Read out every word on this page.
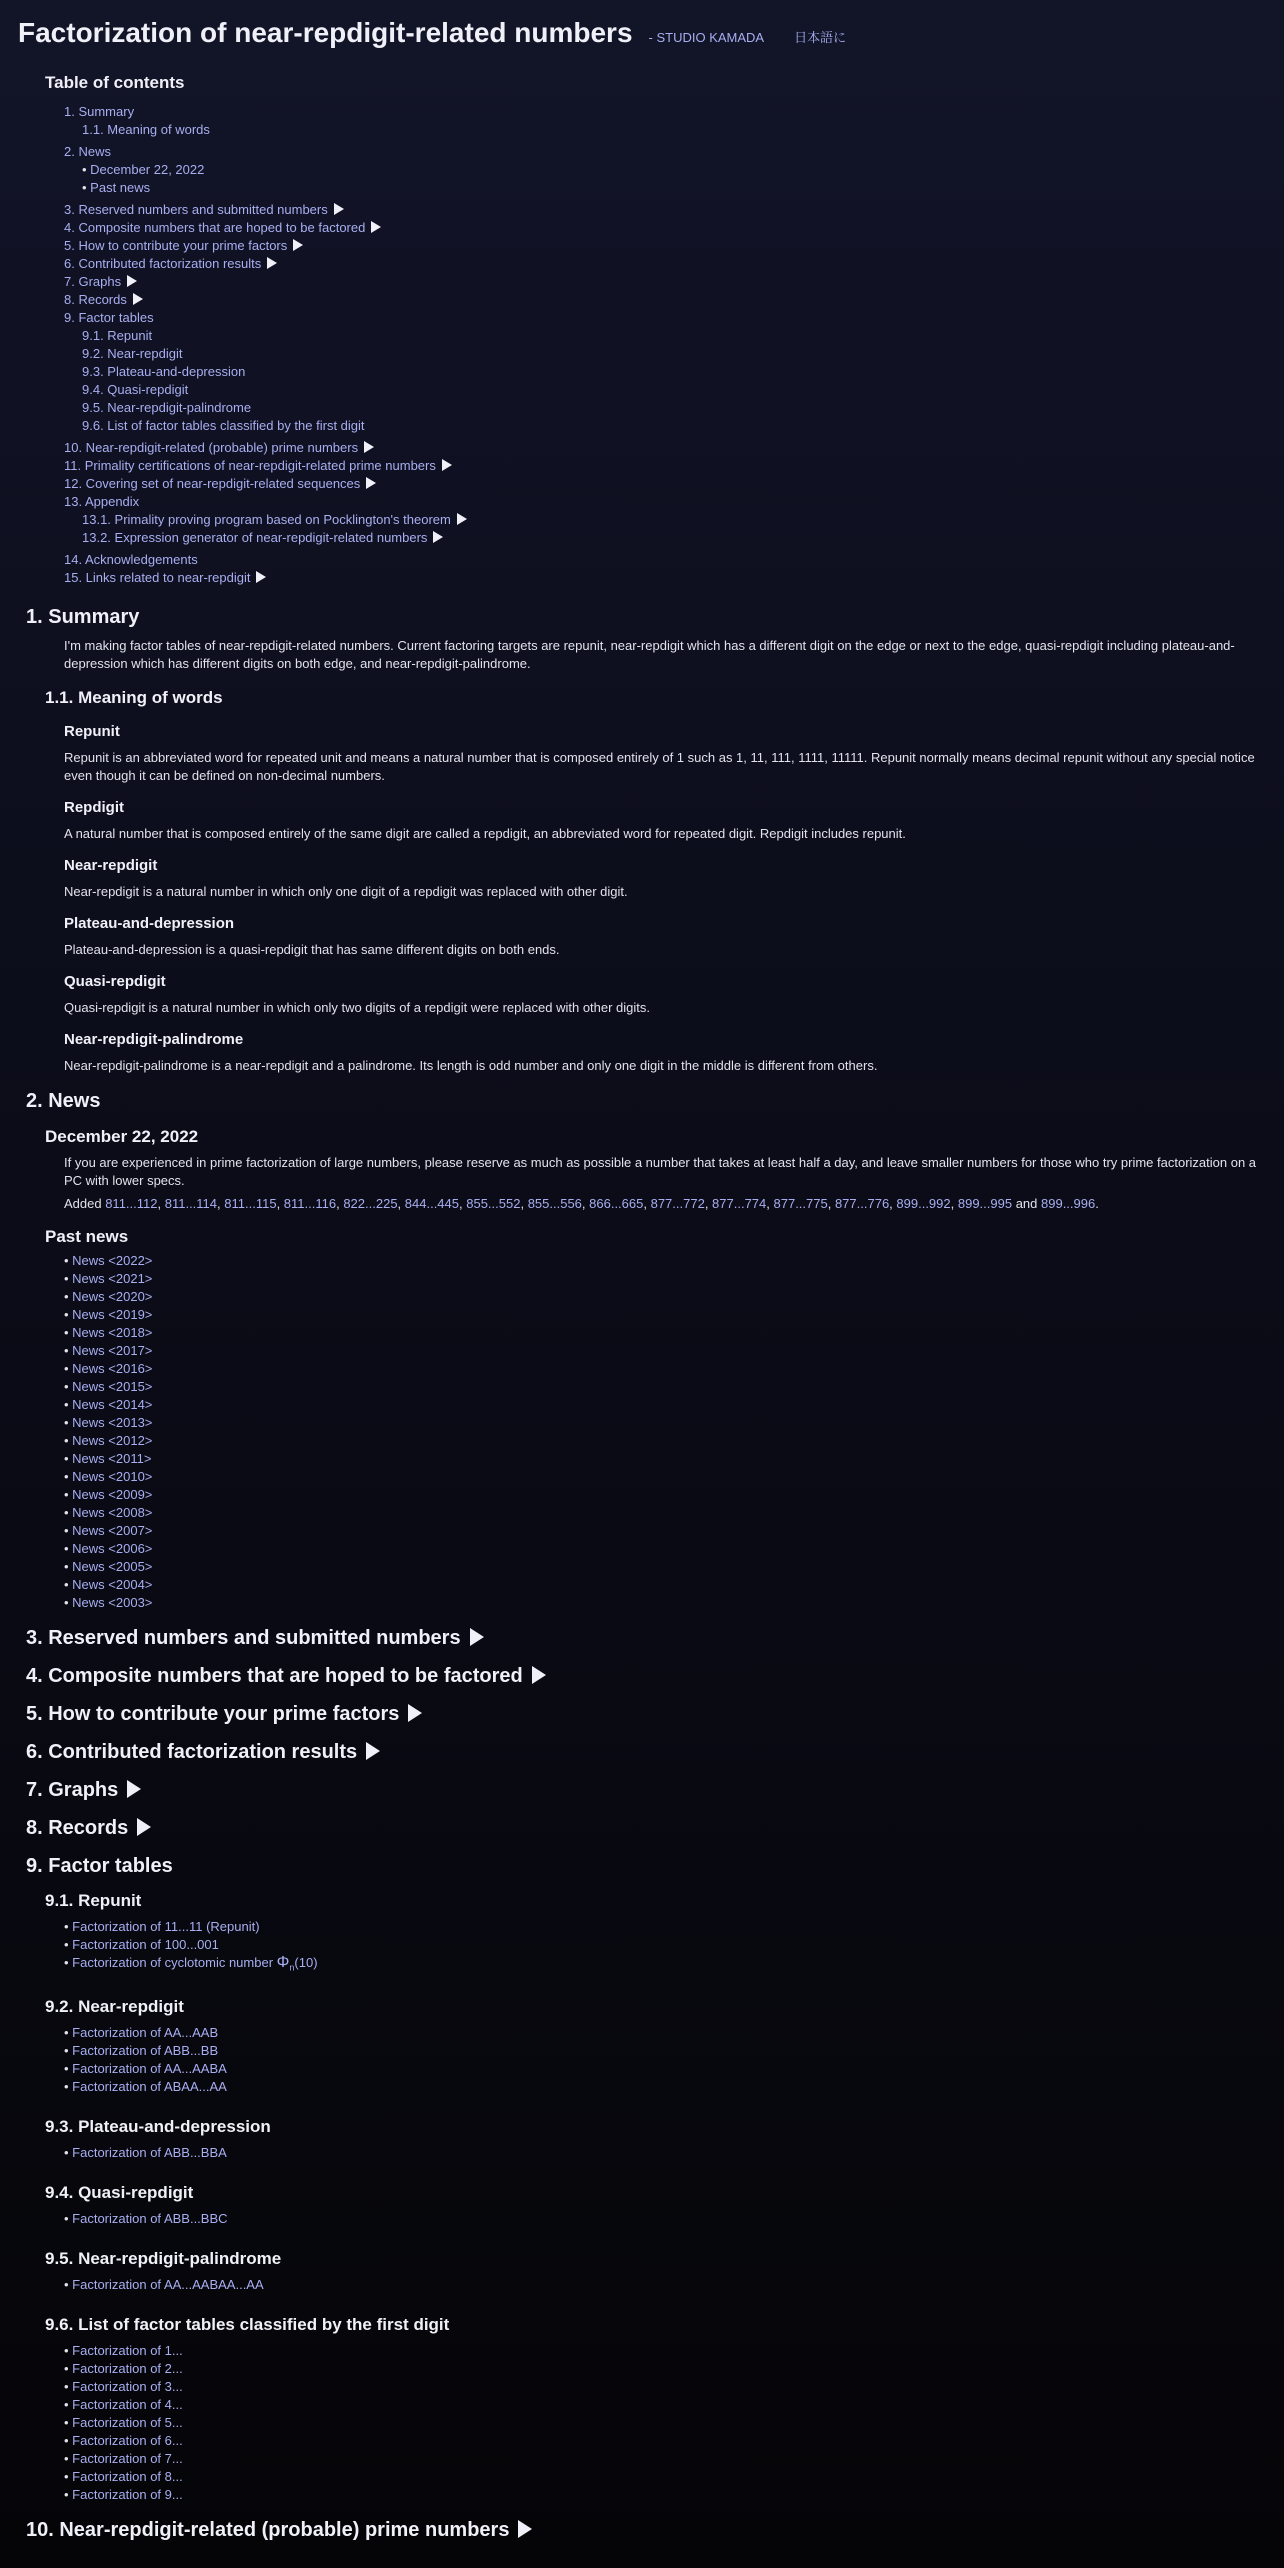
Factorization of near-repdigit-related numbers - STUDIO KAMADA 日本語に
Table of contents
1. Summary
1.1. Meaning of words
2. News
• December 22, 2022
• Past news
3. Reserved numbers and submitted numbers
4. Composite numbers that are hoped to be factored
5. How to contribute your prime factors
6. Contributed factorization results
7. Graphs
8. Records
9. Factor tables
9.1. Repunit
9.2. Near-repdigit
9.3. Plateau-and-depression
9.4. Quasi-repdigit
9.5. Near-repdigit-palindrome
9.6. List of factor tables classified by the first digit
10. Near-repdigit-related (probable) prime numbers
11. Primality certifications of near-repdigit-related prime numbers
12. Covering set of near-repdigit-related sequences
13. Appendix
13.1. Primality proving program based on Pocklington's theorem
13.2. Expression generator of near-repdigit-related numbers
14. Acknowledgements
15. Links related to near-repdigit
1. Summary

I'm making factor tables of near-repdigit-related numbers. Current factoring targets are repunit, near-repdigit which has a different digit on the edge or next to the edge, quasi-repdigit including plateau-and-depression which has different digits on both edge, and near-repdigit-palindrome.

1.1. Meaning of words
Repunit

Repunit is an abbreviated word for repeated unit and means a natural number that is composed entirely of 1 such as 1, 11, 111, 1111, 11111. Repunit normally means decimal repunit without any special notice even though it can be defined on non-decimal numbers.

Repdigit

A natural number that is composed entirely of the same digit are called a repdigit, an abbreviated word for repeated digit. Repdigit includes repunit.

Near-repdigit

Near-repdigit is a natural number in which only one digit of a repdigit was replaced with other digit.

Plateau-and-depression

Plateau-and-depression is a quasi-repdigit that has same different digits on both ends.

Quasi-repdigit

Quasi-repdigit is a natural number in which only two digits of a repdigit were replaced with other digits.

Near-repdigit-palindrome

Near-repdigit-palindrome is a near-repdigit and a palindrome. Its length is odd number and only one digit in the middle is different from others.

2. News
December 22, 2022

If you are experienced in prime factorization of large numbers, please reserve as much as possible a number that takes at least half a day, and leave smaller numbers for those who try prime factorization on a PC with lower specs.

Added 811...112, 811...114, 811...115, 811...116, 822...225, 844...445, 855...552, 855...556, 866...665, 877...772, 877...774, 877...775, 877...776, 899...992, 899...995 and 899...996.

Past news
• News <2022>
• News <2021>
• News <2020>
• News <2019>
• News <2018>
• News <2017>
• News <2016>
• News <2015>
• News <2014>
• News <2013>
• News <2012>
• News <2011>
• News <2010>
• News <2009>
• News <2008>
• News <2007>
• News <2006>
• News <2005>
• News <2004>
• News <2003>
3. Reserved numbers and submitted numbers
4. Composite numbers that are hoped to be factored
5. How to contribute your prime factors
6. Contributed factorization results
7. Graphs
8. Records
9. Factor tables
9.1. Repunit
• Factorization of 11...11 (Repunit)
• Factorization of 100...001
• Factorization of cyclotomic number $\Phi_n(10)$
9.2. Near-repdigit
• Factorization of AA...AAB
• Factorization of ABB...BB
• Factorization of AA...AABA
• Factorization of ABAA...AA
9.3. Plateau-and-depression
• Factorization of ABB...BBA
9.4. Quasi-repdigit
• Factorization of ABB...BBC
9.5. Near-repdigit-palindrome
• Factorization of AA...AABAA...AA
9.6. List of factor tables classified by the first digit
• Factorization of 1...
• Factorization of 2...
• Factorization of 3...
• Factorization of 4...
• Factorization of 5...
• Factorization of 6...
• Factorization of 7...
• Factorization of 8...
• Factorization of 9...
10. Near-repdigit-related (probable) prime numbers
